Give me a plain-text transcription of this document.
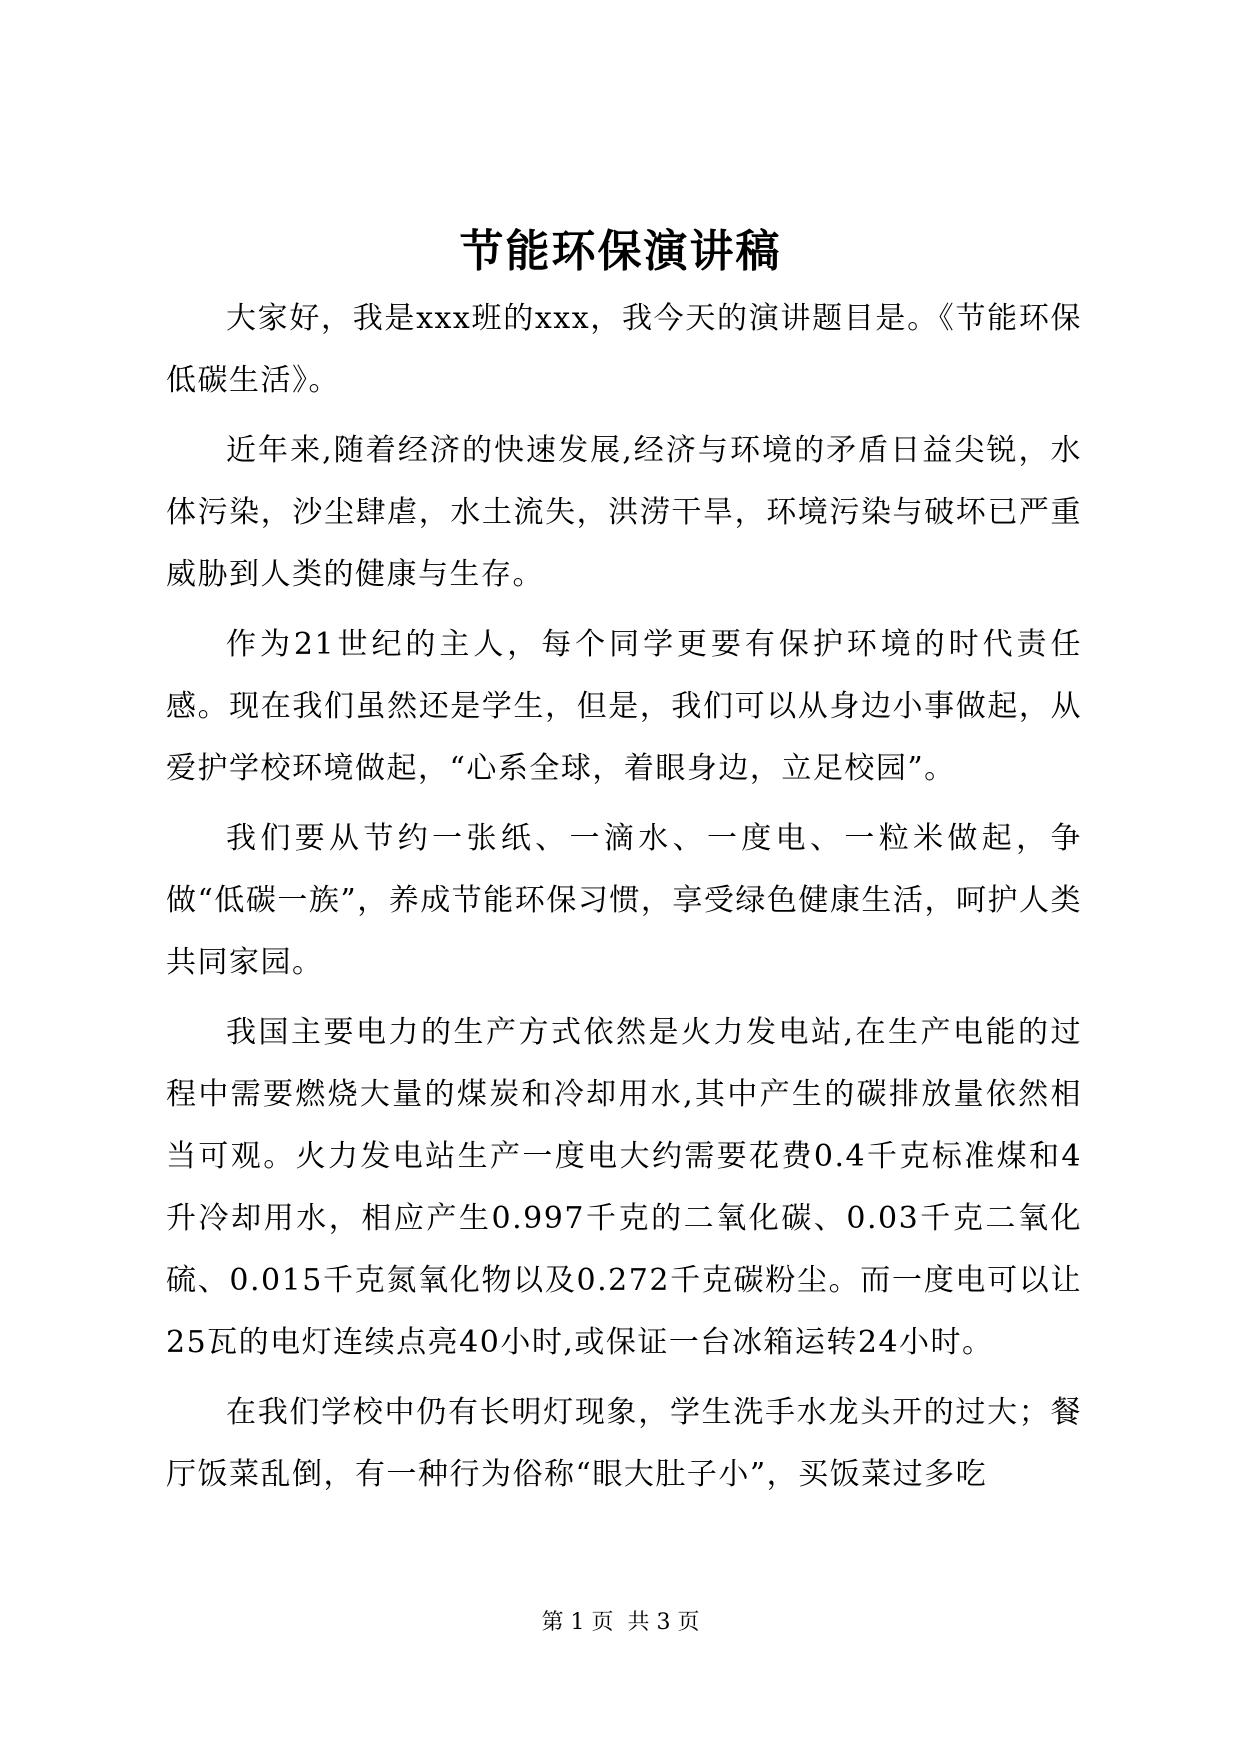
节能环保演讲稿

大家好，我是xxx班的xxx，我今天的演讲题目是。《节能环保低碳生活》。

近年来,随着经济的快速发展,经济与环境的矛盾日益尖锐，水体污染，沙尘肆虐，水土流失，洪涝干旱，环境污染与破坏已严重威胁到人类的健康与生存。

作为21世纪的主人，每个同学更要有保护环境的时代责任感。现在我们虽然还是学生，但是，我们可以从身边小事做起，从爱护学校环境做起，“心系全球，着眼身边，立足校园”。

我们要从节约一张纸、一滴水、一度电、一粒米做起，争做“低碳一族”，养成节能环保习惯，享受绿色健康生活，呵护人类共同家园。

我国主要电力的生产方式依然是火力发电站,在生产电能的过程中需要燃烧大量的煤炭和冷却用水,其中产生的碳排放量依然相当可观。火力发电站生产一度电大约需要花费0.4千克标准煤和4升冷却用水，相应产生0.997千克的二氧化碳、0.03千克二氧化硫、0.015千克氮氧化物以及0.272千克碳粉尘。而一度电可以让25瓦的电灯连续点亮40小时,或保证一台冰箱运转24小时。

在我们学校中仍有长明灯现象，学生洗手水龙头开的过大；餐厅饭菜乱倒，有一种行为俗称“眼大肚子小”，买饭菜过多吃

第 1 页  共 3 页
